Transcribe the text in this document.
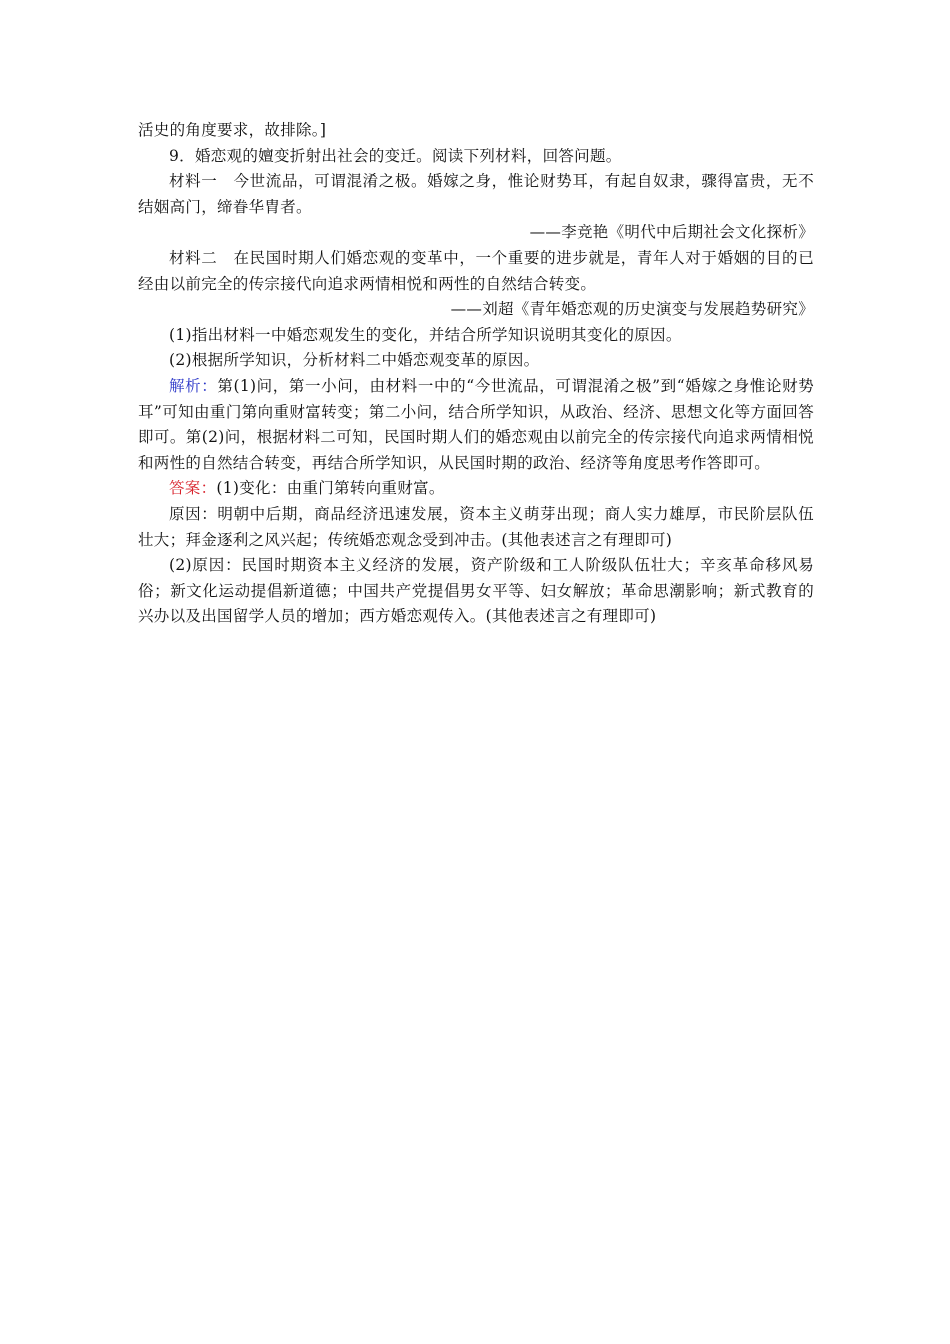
活史的角度要求，故排除。]

9．婚恋观的嬗变折射出社会的变迁。阅读下列材料，回答问题。

材料一　 今世流品，可谓混淆之极。婚嫁之身，惟论财势耳，有起自奴隶，骤得富贵，无不结姻高门，缔眷华胄者。

——李竞艳《明代中后期社会文化探析》

材料二　 在民国时期人们婚恋观的变革中，一个重要的进步就是，青年人对于婚姻的目的已经由以前完全的传宗接代向追求两情相悦和两性的自然结合转变。

——刘超《青年婚恋观的历史演变与发展趋势研究》

(1)指出材料一中婚恋观发生的变化，并结合所学知识说明其变化的原因。

(2)根据所学知识，分析材料二中婚恋观变革的原因。

解析：第(1)问，第一小问，由材料一中的“今世流品，可谓混淆之极”到“婚嫁之身惟论财势耳”可知由重门第向重财富转变；第二小问，结合所学知识，从政治、经济、思想文化等方面回答即可。第(2)问，根据材料二可知，民国时期人们的婚恋观由以前完全的传宗接代向追求两情相悦和两性的自然结合转变，再结合所学知识，从民国时期的政治、经济等角度思考作答即可。

答案：(1)变化：由重门第转向重财富。

原因：明朝中后期，商品经济迅速发展，资本主义萌芽出现；商人实力雄厚，市民阶层队伍壮大；拜金逐利之风兴起；传统婚恋观念受到冲击。(其他表述言之有理即可)

(2)原因：民国时期资本主义经济的发展，资产阶级和工人阶级队伍壮大；辛亥革命移风易俗；新文化运动提倡新道德；中国共产党提倡男女平等、妇女解放；革命思潮影响；新式教育的兴办以及出国留学人员的增加；西方婚恋观传入。(其他表述言之有理即可)
